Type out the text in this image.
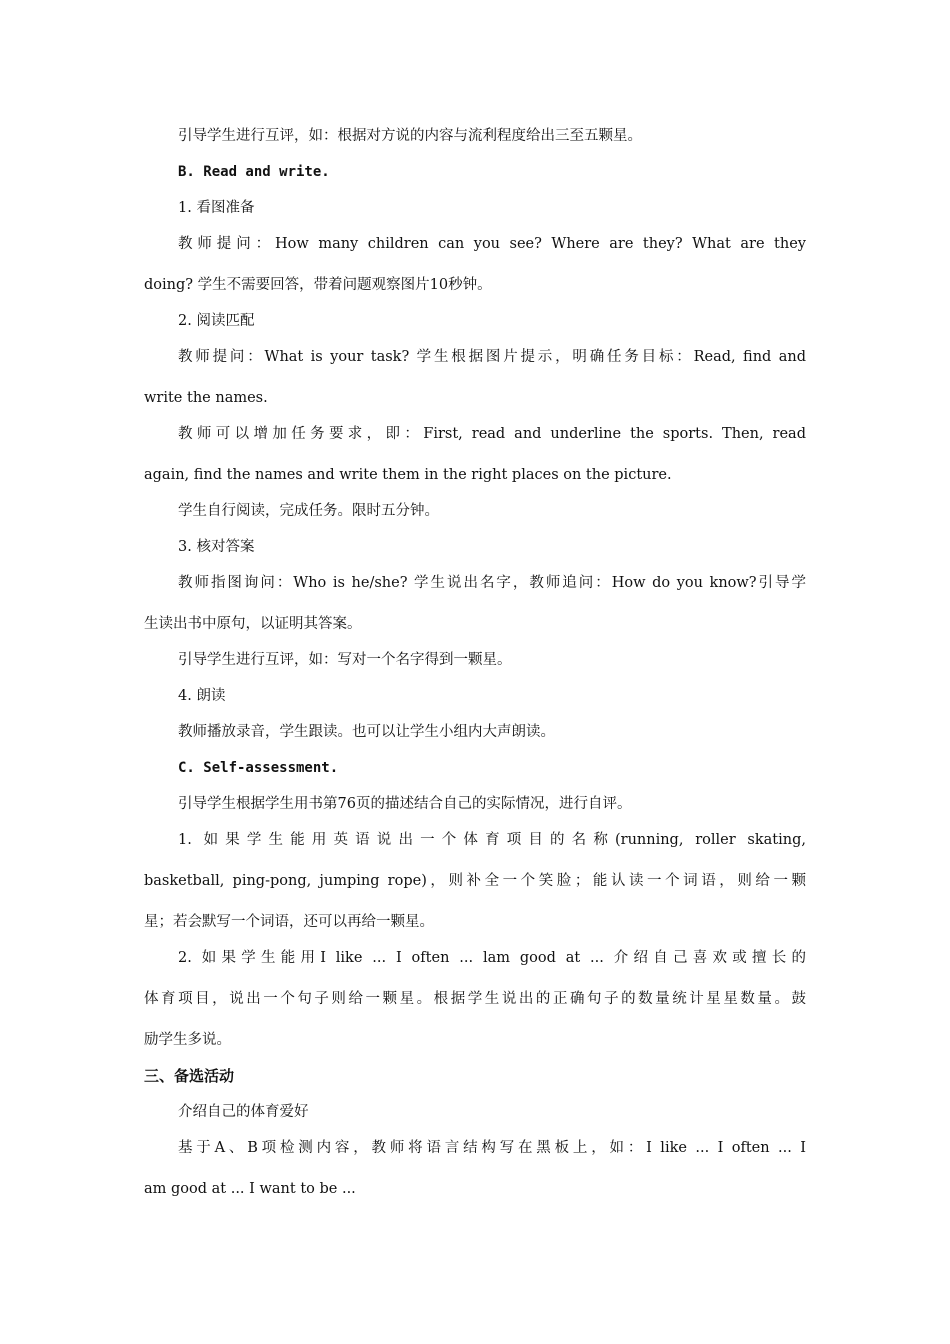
引导学生进行互评，如：根据对方说的内容与流利程度给出三至五颗星。

B. Read and write.

1. 看图准备

教师提问：How many children can you see? Where are they? What are they

doing? 学生不需要回答，带着问题观察图片10秒钟。

2. 阅读匹配

教师提问：What is your task? 学生根据图片提示，明确任务目标：Read, find and

write the names.

教师可以增加任务要求，即：First, read and underline the sports. Then, read

again, find the names and write them in the right places on the picture.

学生自行阅读，完成任务。限时五分钟。

3. 核对答案

教师指图询问：Who is he/she? 学生说出名字，教师追问：How do you know?引导学

生读出书中原句，以证明其答案。

引导学生进行互评，如：写对一个名字得到一颗星。

4. 朗读

教师播放录音，学生跟读。也可以让学生小组内大声朗读。

C. Self-assessment.

引导学生根据学生用书第76页的描述结合自己的实际情况，进行自评。

1. 如果学生能用英语说出一个体育项目的名称(running, roller skating,

basketball, ping-pong, jumping rope)，则补全一个笑脸；能认读一个词语，则给一颗

星；若会默写一个词语，还可以再给一颗星。

2. 如果学生能用I like ... I often ... lam good at ... 介绍自己喜欢或擅长的

体育项目，说出一个句子则给一颗星。根据学生说出的正确句子的数量统计星星数量。鼓

励学生多说。

三、备选活动

介绍自己的体育爱好

基于A、B项检测内容，教师将语言结构写在黑板上，如：I like ... I often ... I

am good at ... I want to be ...
